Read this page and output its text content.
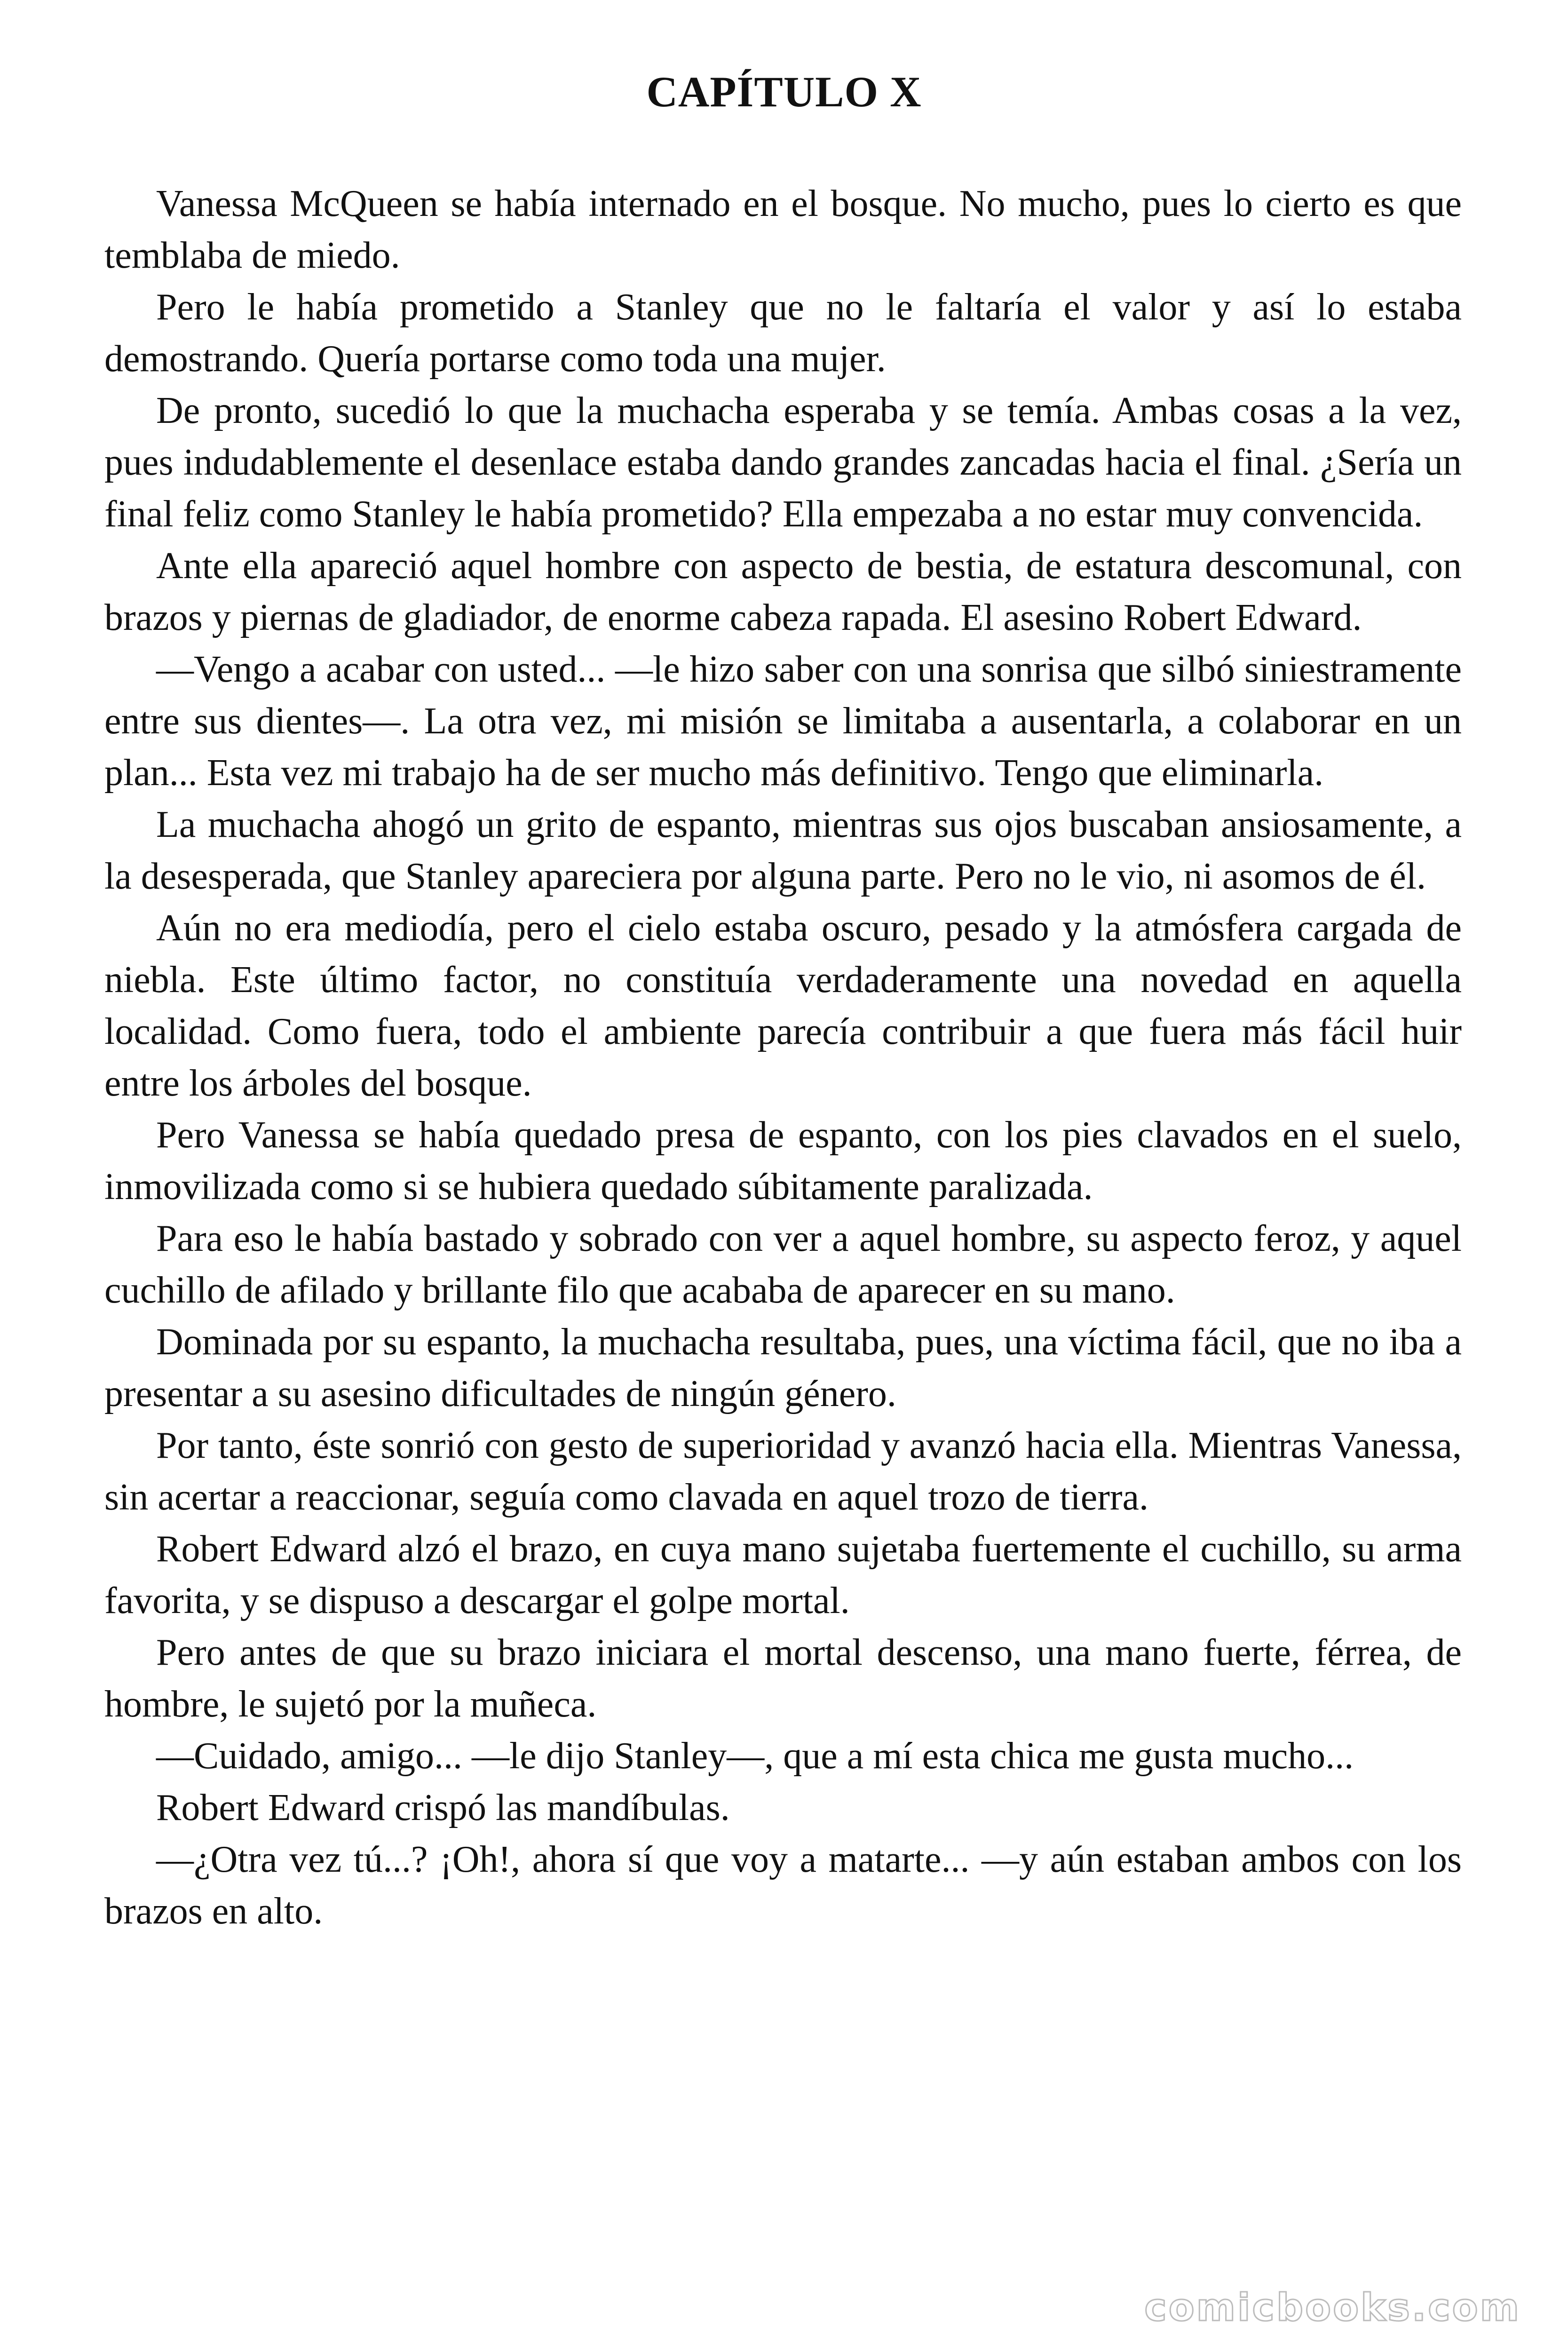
CAPÍTULO X

Vanessa McQueen se había internado en el bosque. No mucho, pues lo cierto es que temblaba de miedo.

Pero le había prometido a Stanley que no le faltaría el valor y así lo estaba demostrando. Quería portarse como toda una mujer.

De pronto, sucedió lo que la muchacha esperaba y se temía. Ambas cosas a la vez, pues indudablemente el desenlace estaba dando grandes zancadas hacia el final. ¿Sería un final feliz como Stanley le había prometido? Ella empezaba a no estar muy convencida.

Ante ella apareció aquel hombre con aspecto de bestia, de estatura descomunal, con brazos y piernas de gladiador, de enorme cabeza rapada. El asesino Robert Edward.

—Vengo a acabar con usted... —le hizo saber con una sonrisa que silbó siniestramente entre sus dientes—. La otra vez, mi misión se limitaba a ausentarla, a colaborar en un plan... Esta vez mi trabajo ha de ser mucho más definitivo. Tengo que eliminarla.

La muchacha ahogó un grito de espanto, mientras sus ojos buscaban ansiosamente, a la desesperada, que Stanley apareciera por alguna parte. Pero no le vio, ni asomos de él.

Aún no era mediodía, pero el cielo estaba oscuro, pesado y la atmósfera cargada de niebla. Este último factor, no constituía verdaderamente una novedad en aquella localidad. Como fuera, todo el ambiente parecía contribuir a que fuera más fácil huir entre los árboles del bosque.

Pero Vanessa se había quedado presa de espanto, con los pies clavados en el suelo, inmovilizada como si se hubiera quedado súbitamente paralizada.

Para eso le había bastado y sobrado con ver a aquel hombre, su aspecto feroz, y aquel cuchillo de afilado y brillante filo que acababa de aparecer en su mano.

Dominada por su espanto, la muchacha resultaba, pues, una víctima fácil, que no iba a presentar a su asesino dificultades de ningún género.

Por tanto, éste sonrió con gesto de superioridad y avanzó hacia ella. Mientras Vanessa, sin acertar a reaccionar, seguía como clavada en aquel trozo de tierra.

Robert Edward alzó el brazo, en cuya mano sujetaba fuertemente el cuchillo, su arma favorita, y se dispuso a descargar el golpe mortal.

Pero antes de que su brazo iniciara el mortal descenso, una mano fuerte, férrea, de hombre, le sujetó por la muñeca.

—Cuidado, amigo... —le dijo Stanley—, que a mí esta chica me gusta mucho...

Robert Edward crispó las mandíbulas.

—¿Otra vez tú...? ¡Oh!, ahora sí que voy a matarte... —y aún estaban ambos con los brazos en alto.

comicbooks.com
